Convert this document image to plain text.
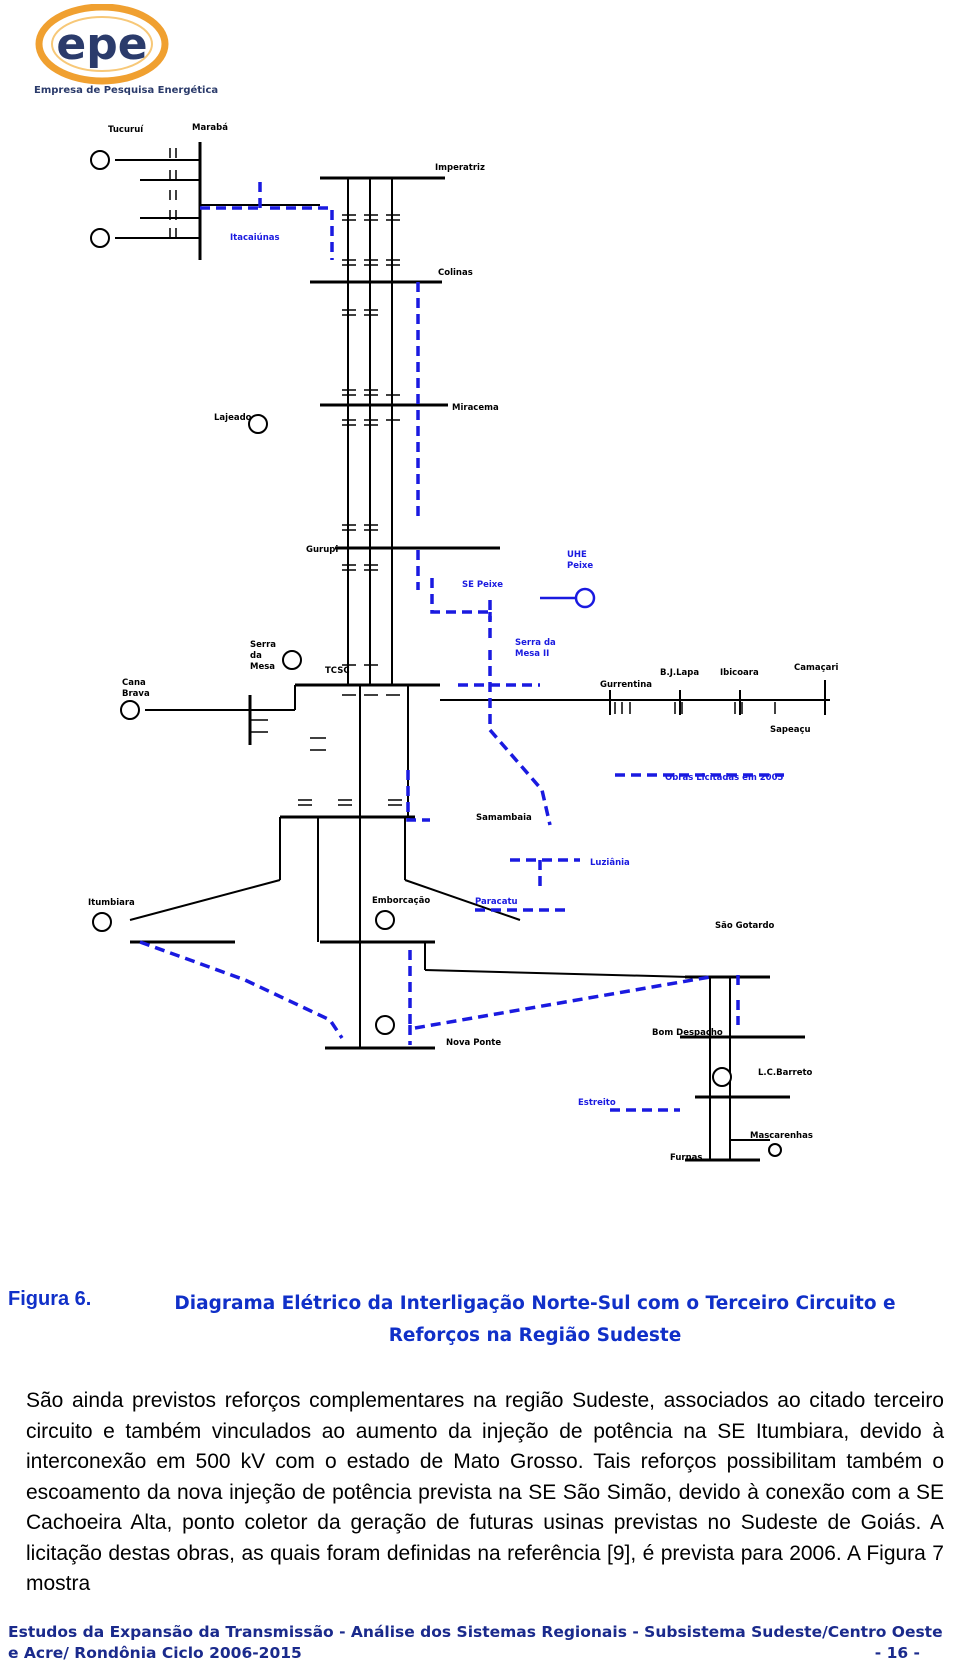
epe
Empresa de Pesquisa Energética
Tucuruí	Marabá
Imperatriz
Colinas
Miracema
Lajeado
Gurupi
Serra da Mesa
Cana Brava
TCSC
Gurrentina
B.J.Lapa Ibicoara	Camaçari
Sapeaçu
Samambaia
Itumbiara	Emborcação
São Gotardo
Bom Despacho
Nova Ponte
L.C.Barreto
Mascarenhas
Furnas
Itacaiúnas
UHE Peixe
SE Peixe
Serra da Mesa II
Obras Licitadas em 2005
Luziânia
Paracatu
Estreito
Figura 6.	Diagrama Elétrico da Interligação Norte-Sul com o Terceiro Circuito e Reforços na Região Sudeste
São ainda previstos reforços complementares na região Sudeste, associados ao citado terceiro circuito e também vinculados ao aumento da injeção de potência na SE Itumbiara, devido à interconexão em 500 kV com o estado de Mato Grosso. Tais reforços possibilitam também o escoamento da nova injeção de potência prevista na SE São Simão, devido à conexão com a SE Cachoeira Alta, ponto coletor da geração de futuras usinas previstas no Sudeste de Goiás. A licitação destas obras, as quais foram definidas na referência [9], é prevista para 2006. A Figura 7 mostra
Estudos da Expansão da Transmissão - Análise dos Sistemas Regionais - Subsistema Sudeste/Centro Oeste
e Acre/ Rondônia Ciclo 2006-2015	- 16 -
